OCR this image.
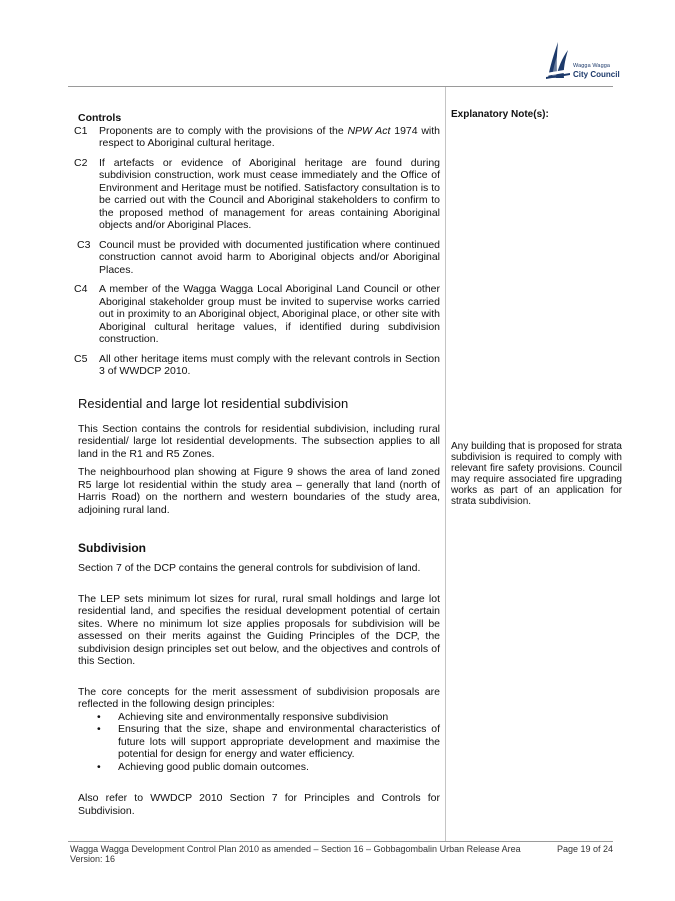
Wagga Wagga
City Council

Controls

C1 Proponents are to comply with the provisions of the NPW Act 1974 with respect to Aboriginal cultural heritage.
C2 If artefacts or evidence of Aboriginal heritage are found during subdivision construction, work must cease immediately and the Office of Environment and Heritage must be notified. Satisfactory consultation is to be carried out with the Council and Aboriginal stakeholders to confirm to the proposed method of management for areas containing Aboriginal objects and/or Aboriginal Places.
C3 Council must be provided with documented justification where continued construction cannot avoid harm to Aboriginal objects and/or Aboriginal Places.
C4 A member of the Wagga Wagga Local Aboriginal Land Council or other Aboriginal stakeholder group must be invited to supervise works carried out in proximity to an Aboriginal object, Aboriginal place, or other site with Aboriginal cultural heritage values, if identified during subdivision construction.
C5 All other heritage items must comply with the relevant controls in Section 3 of WWDCP 2010.
Residential and large lot residential subdivision

This Section contains the controls for residential subdivision, including rural residential/ large lot residential developments. The subsection applies to all land in the R1 and R5 Zones.

The neighbourhood plan showing at Figure 9 shows the area of land zoned R5 large lot residential within the study area – generally that land (north of Harris Road) on the northern and western boundaries of the study area, adjoining rural land.

Subdivision

Section 7 of the DCP contains the general controls for subdivision of land.

The LEP sets minimum lot sizes for rural, rural small holdings and large lot residential land, and specifies the residual development potential of certain sites. Where no minimum lot size applies proposals for subdivision will be assessed on their merits against the Guiding Principles of the DCP, the subdivision design principles set out below, and the objectives and controls of this Section.

The core concepts for the merit assessment of subdivision proposals are reflected in the following design principles:

• Achieving site and environmentally responsive subdivision
• Ensuring that the size, shape and environmental characteristics of future lots will support appropriate development and maximise the potential for design for energy and water efficiency.
• Achieving good public domain outcomes.

Also refer to WWDCP 2010 Section 7 for Principles and Controls for Subdivision.

Explanatory Note(s):

Any building that is proposed for strata subdivision is required to comply with relevant fire safety provisions. Council may require associated fire upgrading works as part of an application for strata subdivision.

Wagga Wagga Development Control Plan 2010 as amended – Section 16 – Gobbagombalin Urban Release Area	Page 19 of 24
Version: 16
